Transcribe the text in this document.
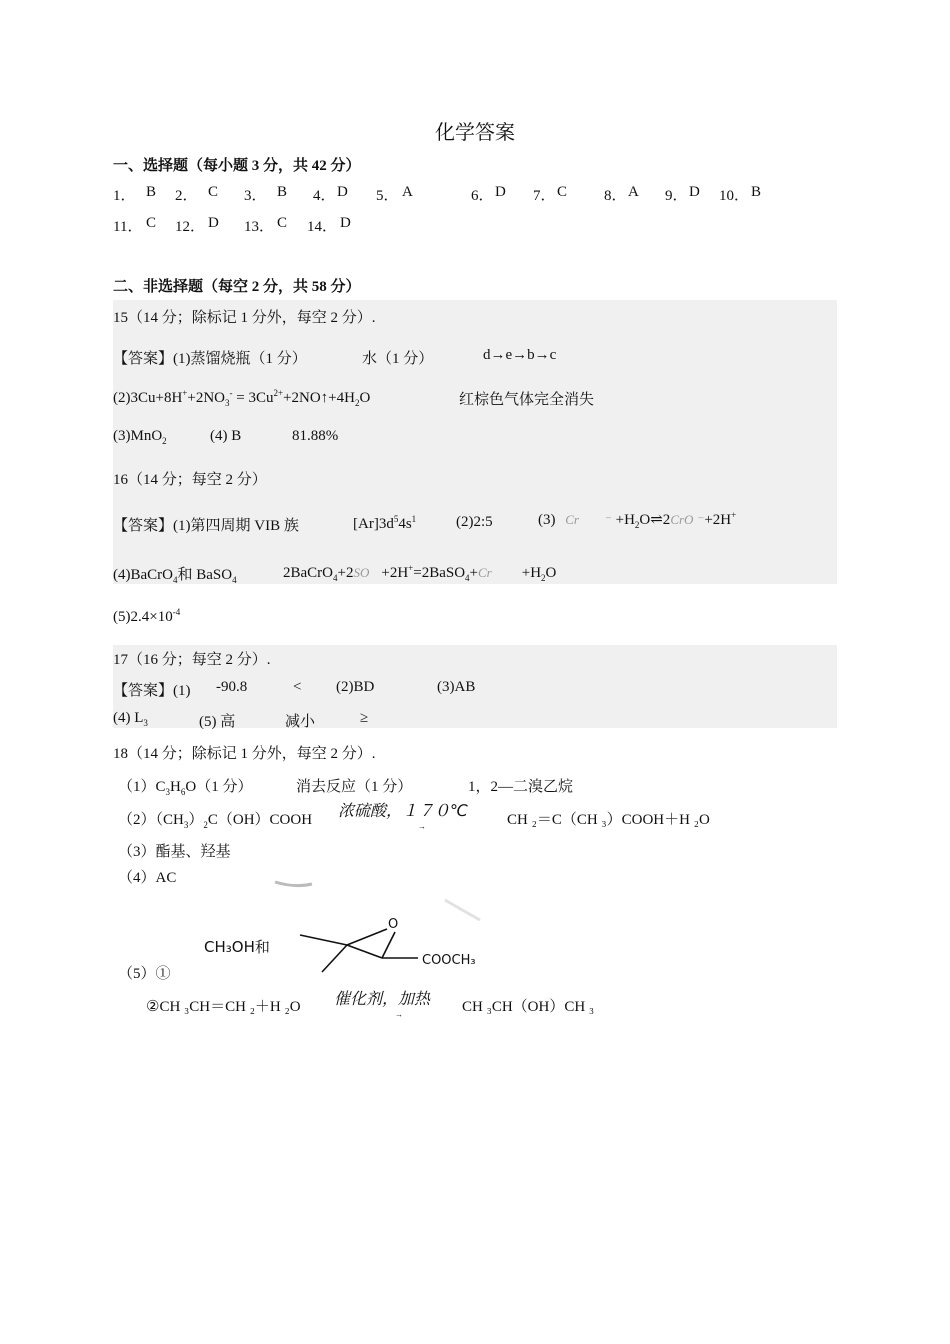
化学答案
一、选择题（每小题 3 分，共 42 分）
1． B 2． C 3． B 4． D 5． A	6． D 7． C 8． A 9． D 10． B
11． C 12． D 13． C 14． D
二、非选择题（每空 2 分，共 58 分）
15（14 分；除标记 1 分外，每空 2 分）.
【答案】(1)蒸馏烧瓶（1 分）	水（1 分）	d→e→b→c
$(2)3Cu+8H^++2NO_3^-$ = $3Cu^{2+}+2NO↑+4H_2O$	红棕色气体完全消失
(3)MnO$_2$	(4) B	81.88%
16（14 分；每空 2 分）
【答案】(1)第四周期 VIB 族	$[Ar]3d^54s^1$	(2)2:5	(3) Cr ⁻ $+H_2O\rightleftharpoons 2CrO$ ⁻+2H+
(4)BaCrO$_4$和 BaSO$_4$	2BaCrO$_4$+2SO +2H+=2BaSO$_4$+Cr $+H_2O$
$(5)2.4\times 10^{-4}$
17（16 分；每空 2 分）.
【答案】(1) -90.8	< (2)BD	(3)AB
(4) $L_3$	(5) 高	减小	≥
18（14 分；除标记 1 分外，每空 2 分）.
$(1)C_3H_6O(1$ 分）	消去反应（1 分）	1，2—二溴乙烷
$(2)(CH_3)_2C(OH)COOH$ 浓硫酸，１７０℃
→	CH ₂＝C（CH ₃）COOH＋H ₂O
（3）酯基、羟基
（4）AC
CH₃OH和
O
COOCH₃
（5）①
②CH ₃CH＝CH ₂＋H ₂O 催化剂，加热
→	CH ₃CH（OH）CH ₃
